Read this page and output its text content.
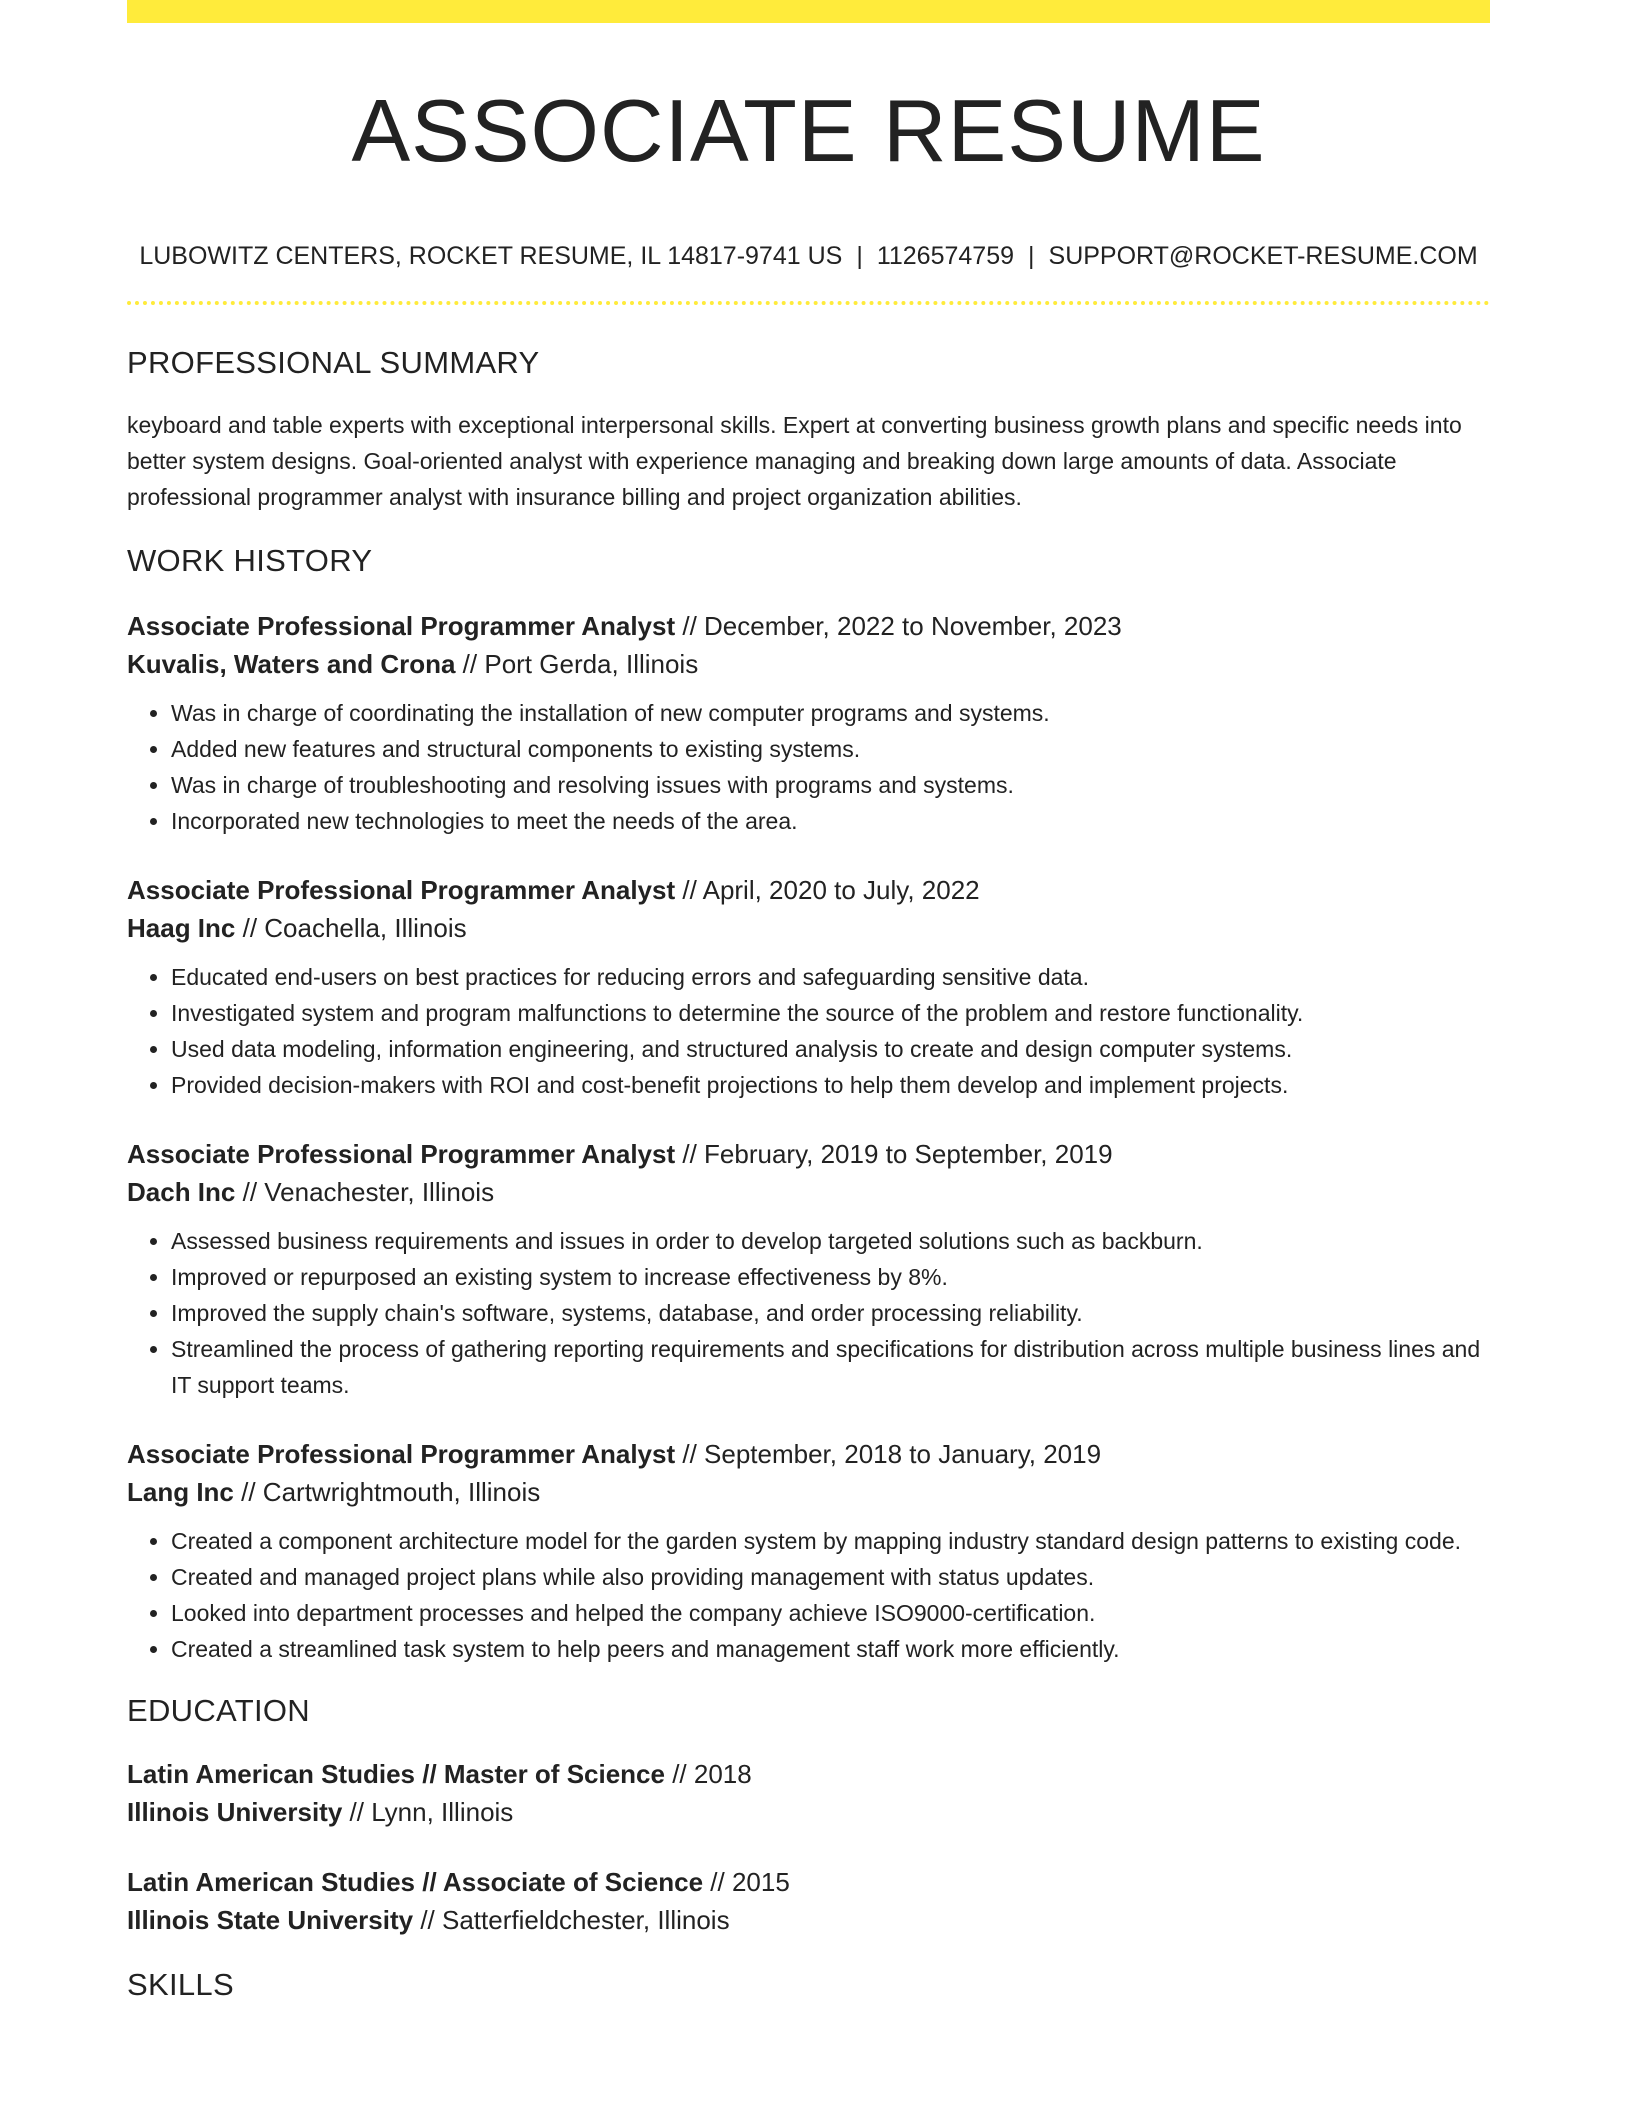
ASSOCIATE RESUME
LUBOWITZ CENTERS, ROCKET RESUME, IL 14817-9741 US | 1126574759 | SUPPORT@ROCKET-RESUME.COM
PROFESSIONAL SUMMARY

keyboard and table experts with exceptional interpersonal skills. Expert at converting business growth plans and specific needs into better system designs. Goal-oriented analyst with experience managing and breaking down large amounts of data. Associate professional programmer analyst with insurance billing and project organization abilities.

WORK HISTORY
Associate Professional Programmer Analyst // December, 2022 to November, 2023
Kuvalis, Waters and Crona // Port Gerda, Illinois
• Was in charge of coordinating the installation of new computer programs and systems.
• Added new features and structural components to existing systems.
• Was in charge of troubleshooting and resolving issues with programs and systems.
• Incorporated new technologies to meet the needs of the area.
Associate Professional Programmer Analyst // April, 2020 to July, 2022
Haag Inc // Coachella, Illinois
• Educated end-users on best practices for reducing errors and safeguarding sensitive data.
• Investigated system and program malfunctions to determine the source of the problem and restore functionality.
• Used data modeling, information engineering, and structured analysis to create and design computer systems.
• Provided decision-makers with ROI and cost-benefit projections to help them develop and implement projects.
Associate Professional Programmer Analyst // February, 2019 to September, 2019
Dach Inc // Venachester, Illinois
• Assessed business requirements and issues in order to develop targeted solutions such as backburn.
• Improved or repurposed an existing system to increase effectiveness by 8%.
• Improved the supply chain's software, systems, database, and order processing reliability.
• Streamlined the process of gathering reporting requirements and specifications for distribution across multiple business lines and IT support teams.
Associate Professional Programmer Analyst // September, 2018 to January, 2019
Lang Inc // Cartwrightmouth, Illinois
• Created a component architecture model for the garden system by mapping industry standard design patterns to existing code.
• Created and managed project plans while also providing management with status updates.
• Looked into department processes and helped the company achieve ISO9000-certification.
• Created a streamlined task system to help peers and management staff work more efficiently.
EDUCATION
Latin American Studies // Master of Science // 2018
Illinois University // Lynn, Illinois
Latin American Studies // Associate of Science // 2015
Illinois State University // Satterfieldchester, Illinois
SKILLS
